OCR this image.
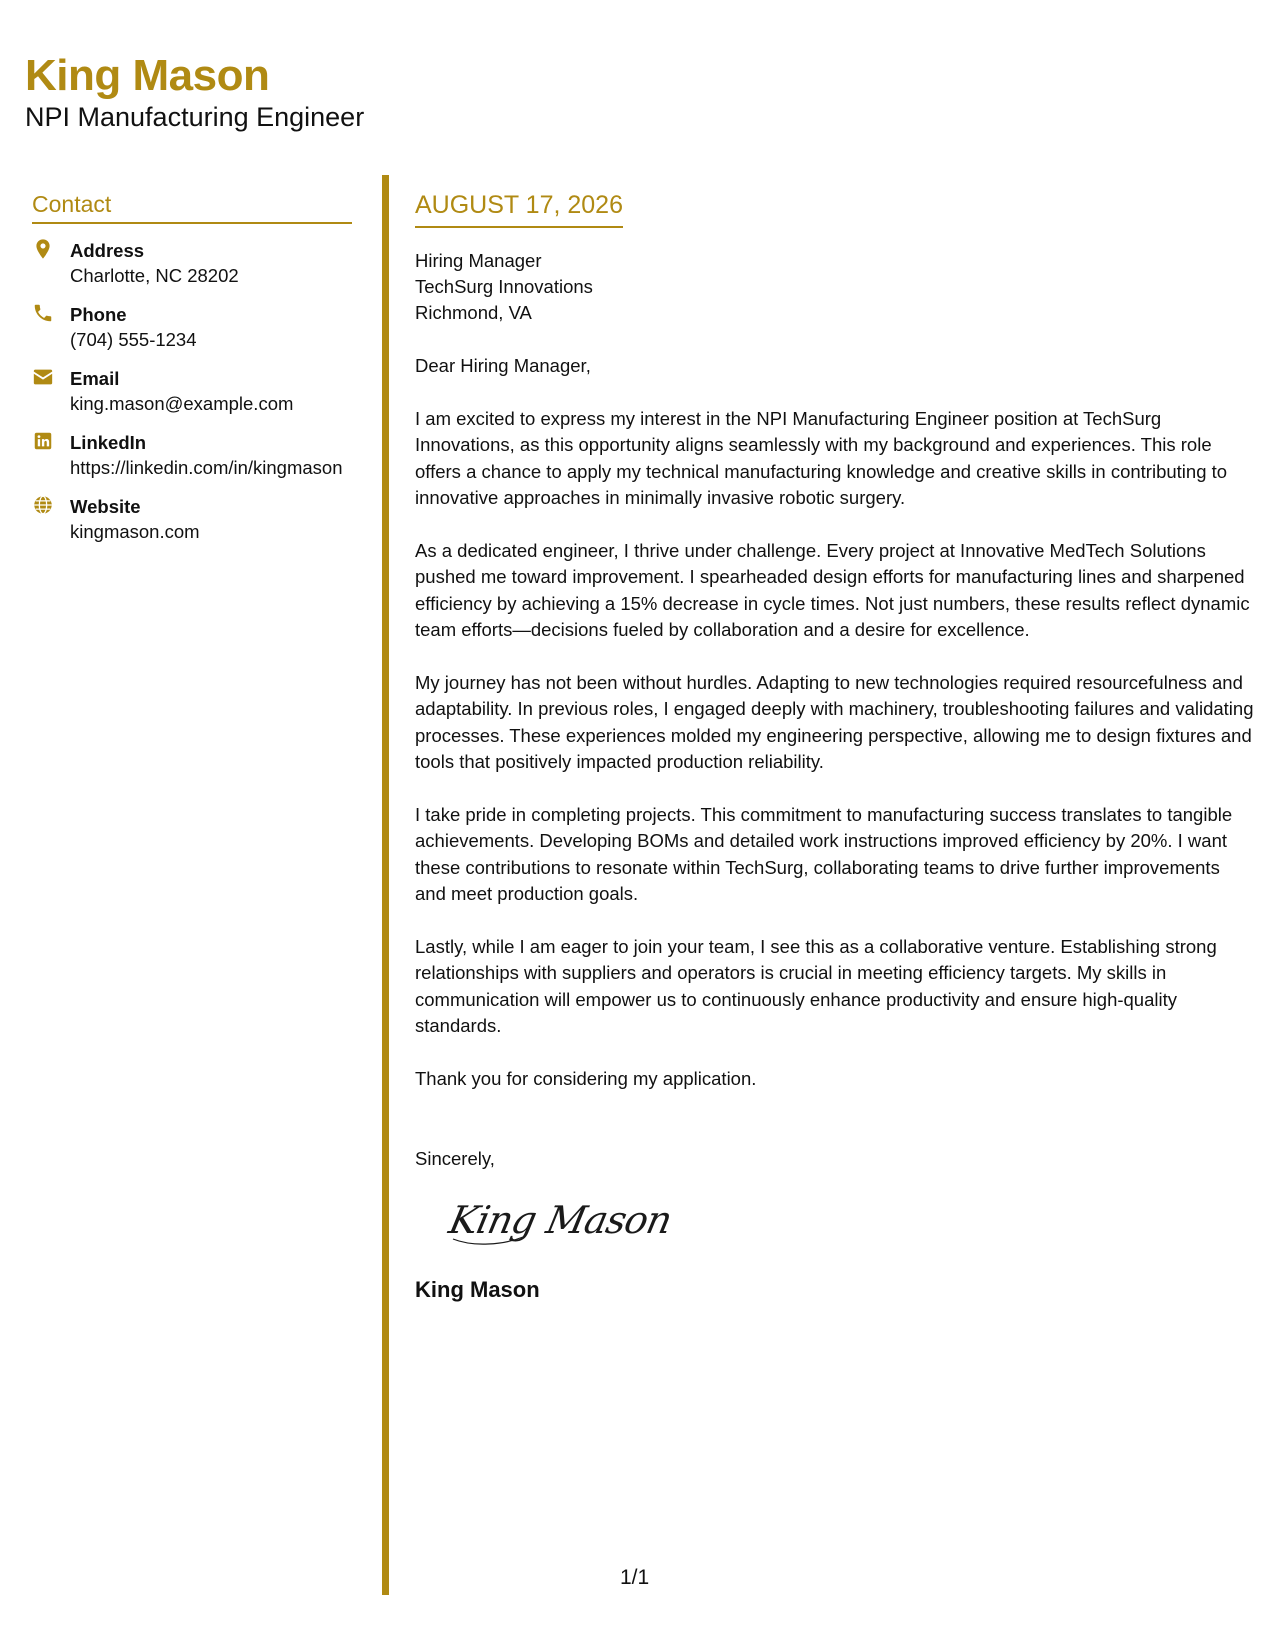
King Mason
NPI Manufacturing Engineer
Contact
Address
Charlotte, NC 28202
Phone
(704) 555-1234
Email
king.mason@example.com
LinkedIn
https://linkedin.com/in/kingmason
Website
kingmason.com
AUGUST 17, 2026
Hiring Manager
TechSurg Innovations
Richmond, VA
Dear Hiring Manager,

I am excited to express my interest in the NPI Manufacturing Engineer position at TechSurg Innovations, as this opportunity aligns seamlessly with my background and experiences. This role offers a chance to apply my technical manufacturing knowledge and creative skills in contributing to innovative approaches in minimally invasive robotic surgery.

As a dedicated engineer, I thrive under challenge. Every project at Innovative MedTech Solutions pushed me toward improvement. I spearheaded design efforts for manufacturing lines and sharpened efficiency by achieving a 15% decrease in cycle times. Not just numbers, these results reflect dynamic team efforts—decisions fueled by collaboration and a desire for excellence.

My journey has not been without hurdles. Adapting to new technologies required resourcefulness and adaptability. In previous roles, I engaged deeply with machinery, troubleshooting failures and validating processes. These experiences molded my engineering perspective, allowing me to design fixtures and tools that positively impacted production reliability.

I take pride in completing projects. This commitment to manufacturing success translates to tangible achievements. Developing BOMs and detailed work instructions improved efficiency by 20%. I want these contributions to resonate within TechSurg, collaborating teams to drive further improvements and meet production goals.

Lastly, while I am eager to join your team, I see this as a collaborative venture. Establishing strong relationships with suppliers and operators is crucial in meeting efficiency targets. My skills in communication will empower us to continuously enhance productivity and ensure high-quality standards.

Thank you for considering my application.

Sincerely,
KingMason
King Mason
1/1
